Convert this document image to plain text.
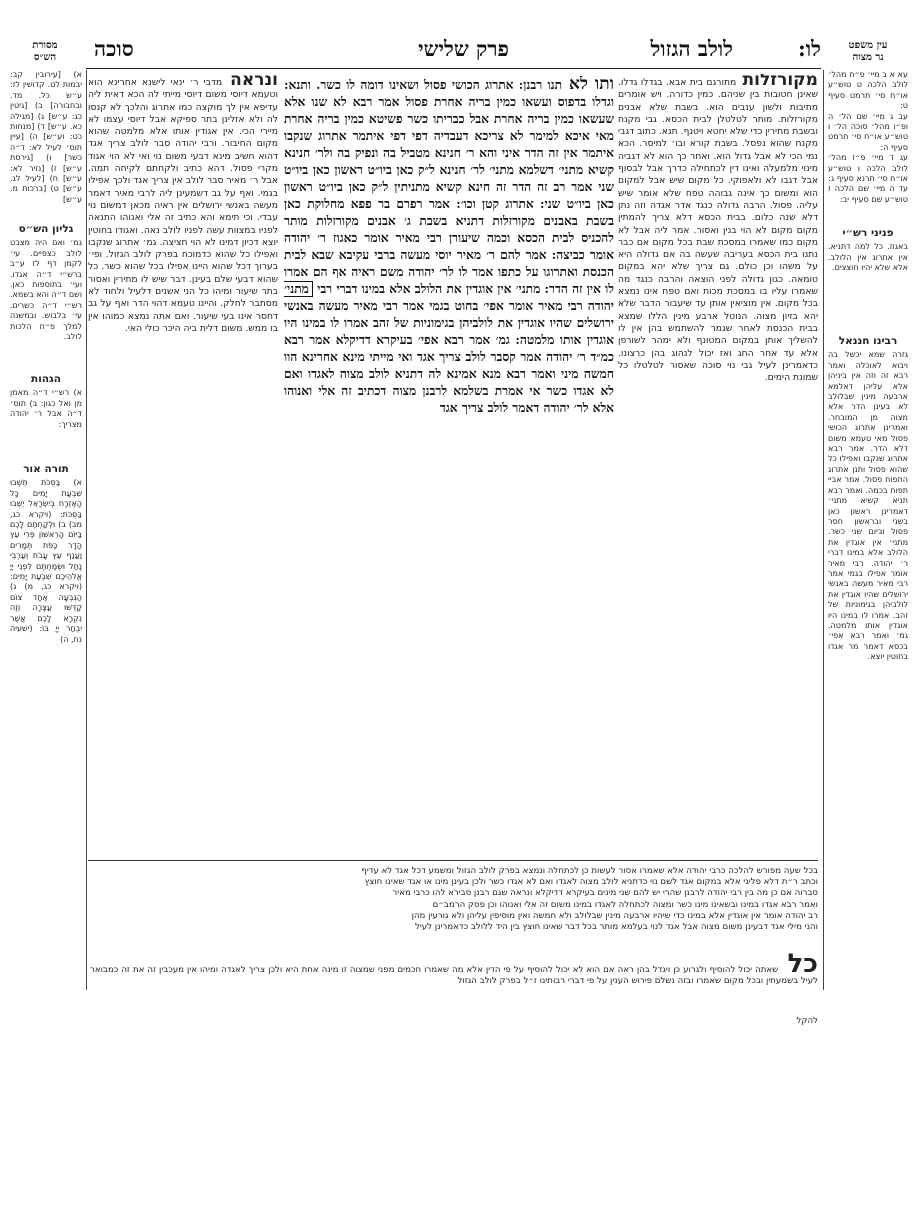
לו:
לולב הגזול
פרק שלישי
סוכה	עין משפט
נר מצוה
עא א ב מיי׳ פ״ח מהל׳ לולב הלכה ט טוש״ע או״ח סי׳ תרמט סעיף ט:
עב ג מיי׳ שם הל׳ ה ופ״ו מהל׳ סוכה הל׳ ו טוש״ע או״ח סי׳ תרמט סעיף ה:
עג ד מיי׳ פ״ז מהל׳ לולב הלכה ו טוש״ע או״ח סי׳ תרנא סעיף ג:
עד ה מיי׳ שם הלכה ז טוש״ע שם סעיף יב:
פניני רש״י
באגוז. כל למה דתניא. אין אתרוג אין הלולב. אלא שלא יהיו חוצצים.
רבינו חננאל
גזרה שמא יכשל בה ויבוא לאוכלה ואמר רבא זה וזה אין ביניהן אלא עליהן דאלמא ארבעה מינין שבלולב לא בעינן הדר אלא מצוה מן המובחר. ואמרינן אתרוג הכושי פסול מאי טעמא משום דלא הדר. אמר רבא אתרוג שנקבו ואפילו כל שהוא פסול ותנן אתרוג התפוח פסול. אמר אביי תפוח בכמה. ואמר רבא תניא קשיא מתני׳ דאמרינן ראשון כאן בשני ובראשון חסר פסול וביום שני כשר. מתני׳ אין אוגדין את הלולב אלא במינו דברי ר׳ יהודה. רבי מאיר אומר אפילו בגמי אמר רבי מאיר מעשה באנשי ירושלים שהיו אוגדין את לולביהן בגימוניות של זהב. אמרו לו במינו היו אוגדין אותו מלמטה. גמ׳ ואמר רבא אפי׳ בכסא דאמר מר אגדו בחוטין יוצא.
מסורת
הש״ס
א) [עירובין קב: יבמות לט. קדושין לז: ע״ש כל. מד. ובחבורה] ב) [גיטין כג: ע״ש] ג) [מגילה כא. ע״ש] ד) [מנחות כט: וע״ש] ה) [עיין תוס׳ לעיל לא: ד״ה כשר] ו) [גירסת ע״ש] ז) [נזיר לא: ע״ש] ח) [לעיל לג. ע״ש] ט) [ברכות מ. ע״ש]
גליון הש״ס
גמ׳ ואם היה מצבט לולב כצפיים. עי׳ לקמן דף לז ע״ב ברש״י ד״ה אגדו. ועי׳ בתוספות כאן. ושם ד״ה והא בשמא. רש״י ד״ה כשרים. עי׳ בלבוש. ובמשנה למלך פ״ח הלכות לולב.
הגהות
א) רש״י ד״ה מאמן מן ואל כגון: ב) תוס׳ ד״ה אבל ר׳ יהודה מצריך:
תורה אור
א) בַּסֻּכֹּת תֵּשְׁבוּ שִׁבְעַת יָמִים כָּל הָאֶזְרָח בְּיִשְׂרָאֵל יֵשְׁבוּ בַּסֻּכֹּת: (ויקרא כג, מב) ב) וּלְקַחְתֶּם לָכֶם בַּיּוֹם הָרִאשׁוֹן פְּרִי עֵץ הָדָר כַּפֹּת תְּמָרִים וַעֲנַף עֵץ עָבֹת וְעַרְבֵי נָחַל וּשְׂמַחְתֶּם לִפְנֵי יְיָ אֱלֹהֵיכֶם שִׁבְעַת יָמִים: (ויקרא כג, מ) ג) הַגִּבְעָה אֶחָד צוֹם קַדְּשׁוּ עֲצָרָה וְזֶה נִקְרָא לָכֶם אֲשֶׁר יִבְחַר יְיָ בּוֹ: (ישעיה נח, ה)
מקורזלות מתורגם בית אבא. בגדלו גדלו. שאינן חטובות בין שניהם. כמין כדורה. ויש אומרים מתיבות ולשון ענבים הוא. בשבת שלא אבנים מקורזלות. מותר לטלטלן לבית הכסא. גבי מקנח ובשבת מתירין כדי שלא יחטא ויטנף. תנא. כתוב דגבי מקנח שהוא נפסל. בשבת קורא ובו׳ למיסר. הכא נמי הכי לא אבל גדול הוא. ואחר כך הוא לא דגביה מינוי מלמעלה ואינו דין לכתחילה כדרך אבל לבסוף אבל דגבו לא ולאפוקי. כל מקום שיש אבל למקום הוא ומשום כך אינה גבוהה טפח שלא אומר שיש עליה. פסול. הרבה גדולה כנגד אדר אגדה וזה נתן דלא שנה כלום. בבית הכסא דלא צריך להמתין מקום מקום לא הוי בנין ואסור. אמר ליה אבל לא מקום כמו שאמרו במסכת שבת בכל מקום אם כבר נתנו בית הכסא בעריבה שעשה בה אם גדולה היא על משהו וכן כולם. גם צריך שלא יהא במקום טומאה. כגון גדולה לפני הוצאה והרבה כנגד מה שאמרו עליו בו במסכת מכות ואם טפח אינו נמצא בכל מקום. אין מוציאין אותן עד שיעבור הדבר שלא יהא בזיון מצוה. הנוטל ארבע מינין הללו שמצא בבית הכנסת לאחר שגמר להשתמש בהן אין לו להשליך אותן במקום המטונף ולא ימהר לשורפן אלא עד אחר החג ואז יכול לנהוג בהן כרצונו. כדאמרינן לעיל גבי נוי סוכה שאסור לטלטלו כל שמונת הימים.
ונראה מדבי ר׳ ינאי לישנא אחרינא הוא וטעמא דיוסי משום דיוסי מייתי לה הכא דאית ליה עדיפא אין לך מוקצה כמו אתרוג והלכך לא קנסו לה ולא אזלינן בתר ספיקא אבל דיוסי עצמו לא מיירי הכי. אין אגודין אותו אלא מלמטה שהוא מקום החיבור. ורבי יהודה סבר לולב צריך אגד דהוא חשיב מינא דבעי משום נוי ואי לא הוי אגוד מקרי פסול. דהא כתיב ולקחתם לקיחה תמה. אבל ר׳ מאיר סבר לולב אין צריך אגד ולכך אפילו בגמי. ואף על גב דשמעינן ליה לרבי מאיר דאמר מעשה באנשי ירושלים אין ראיה מכאן דמשום נוי עבדי. וכי תימא והא כתיב זה אלי ואנוהו התנאה לפניו במצוות עשה לפניו לולב נאה. ואגודו בחוטין יוצא דכיון דמינו לא הוי חציצה. גמ׳ אתרוג שנקבו ואפילו כל שהוא כדמוכח בפרק לולב הגזול. ופי׳ בערוך דכל שהוא היינו אפילו בכל שהוא כשר. כל שהוא דבעי שלם בעינן. דבר שיש לו מתירין ואסור בתר שיעור ומיהו כל הני אשנים דלעיל ולחוד לא מסתבר לחלק. והיינו טעמא דהוי הדר ואף על גב דחסר אינו בעי שיעור. ואם אתה נמצא כמוהו אין בו ממש. משום דלית ביה היכר כולי האי.
ותו לא תנו רבנן: אתרוג הכושי פסול ושאינו דומה לו כשר. ותנא: וגדלו בדפוס ועשאו כמין בריה אחרת פסול אמר רבא לא שנו אלא שעשאו כמין בריה אחרת אבל כבריתו כשר פשיטא כמין בריה אחרת מאי איכא למימר לא צריכא דעבדיה דפי דפי איתמר אתרוג שנקבו איתמר אין זה הדר איני והא ר׳ חנינא מטביל בה ונפיק בה ולר׳ חנינא קשיא מתני׳ דשלמא מתני׳ לר׳ חנינא ל״ק כאן ביו״ט ראשון כאן ביו״ט שני אמר רב זה הדר זה חינא קשיא מתניתין ל״ק כאן ביו״ט ראשון כאן ביו״ט שני: אתרוג קטן וכו׳: אמר רפרם בר פפא מחלוקת כאן בשבת באבנים מקורזלות דתניא בשבת ג׳ אבנים מקורזלות מותר להכניס לבית הכסא וכמה שיעורן רבי מאיר אומר כאגוז ר׳ יהודה אומר כביצה: אמר להם ר׳ מאיר יוסי מעשה ברבי עקיבא שבא לבית הכנסת ואתרוגו על כתפו אמר לו לר׳ יהודה משם ראיה אף הם אמרו לו אין זה הדר: מתני׳ אין אוגדין את הלולב אלא במינו דברי רבי מתני׳ יהודה רבי מאיר אומר אפי׳ בחוט בגמי אמר רבי מאיר מעשה באנשי ירושלים שהיו אוגדין את לולביהן בגימוניות של זהב אמרו לו במינו היו אוגדין אותו מלמטה: גמ׳ אמר רבא אפי׳ בעיקרא דדיקלא אמר רבא כמ״ד ר׳ יהודה אמר קסבר לולב צריך אגד ואי מייתי מינא אחרינא הוו חמשה מיני ואמר רבא מנא אמינא לה דתניא לולב מצוה לאגדו ואם לא אגדו כשר אי אמרת בשלמא לרבנן מצוה דכתיב זה אלי ואנוהו אלא לר׳ יהודה דאמר לולב צריך אגד
בכל שעה מפורש להלכה כרבי יהודה אלא שאמרו אסור לעשות כן לכתחלה ונמצא בפרק לולב הגזול ומשמע דכל אגד לא עדיף
וכתב ר״ת דלא פליגי אלא במקום אגד לשם נוי כדתניא לולב מצוה לאגדו ואם לא אגדו כשר ולכן בעינן מינו או אגד שאינו חוצץ
סברוה אם כן מה בין רבי יהודה לרבנן שהרי יש להם שני מינים בעיקרא דדיקלא ונראה שגם רבנן סבירא להו כרבי מאיר
ואמר רבא אגדו במינו ובשאינו מינו כשר ומצוה לכתחלה לאגדו במינו משום זה אלי ואנוהו וכן פסק הרמב״ם
רב יהודה אומר אין אוגדין אלא במינו כדי שיהיו ארבעה מינין שבלולב ולא חמשה ואין מוסיפין עליהן ולא גורעין מהן
והני מילי אגד דבעינן משום מצוה אבל אגד לנוי בעלמא מותר בכל דבר שאינו חוצץ בין היד ללולב כדאמרינן לעיל
כל שאתה יכול להוסיף ולגרוע כן ויגדל בהן ראה אם הוא לא יכול להוסיף על פי הדין אלא מה שאמרו חכמים מפני שמצוה זו מינה אחת היא ולכן צריך לאגדה ומיהו אין מעכבין זה את זה כמבואר לעיל בשמעתין ובכל מקום שאמרו ובזה נשלם פירוש הענין על פי דברי רבותינו ז״ל בפרק לולב הגזול
להקל
